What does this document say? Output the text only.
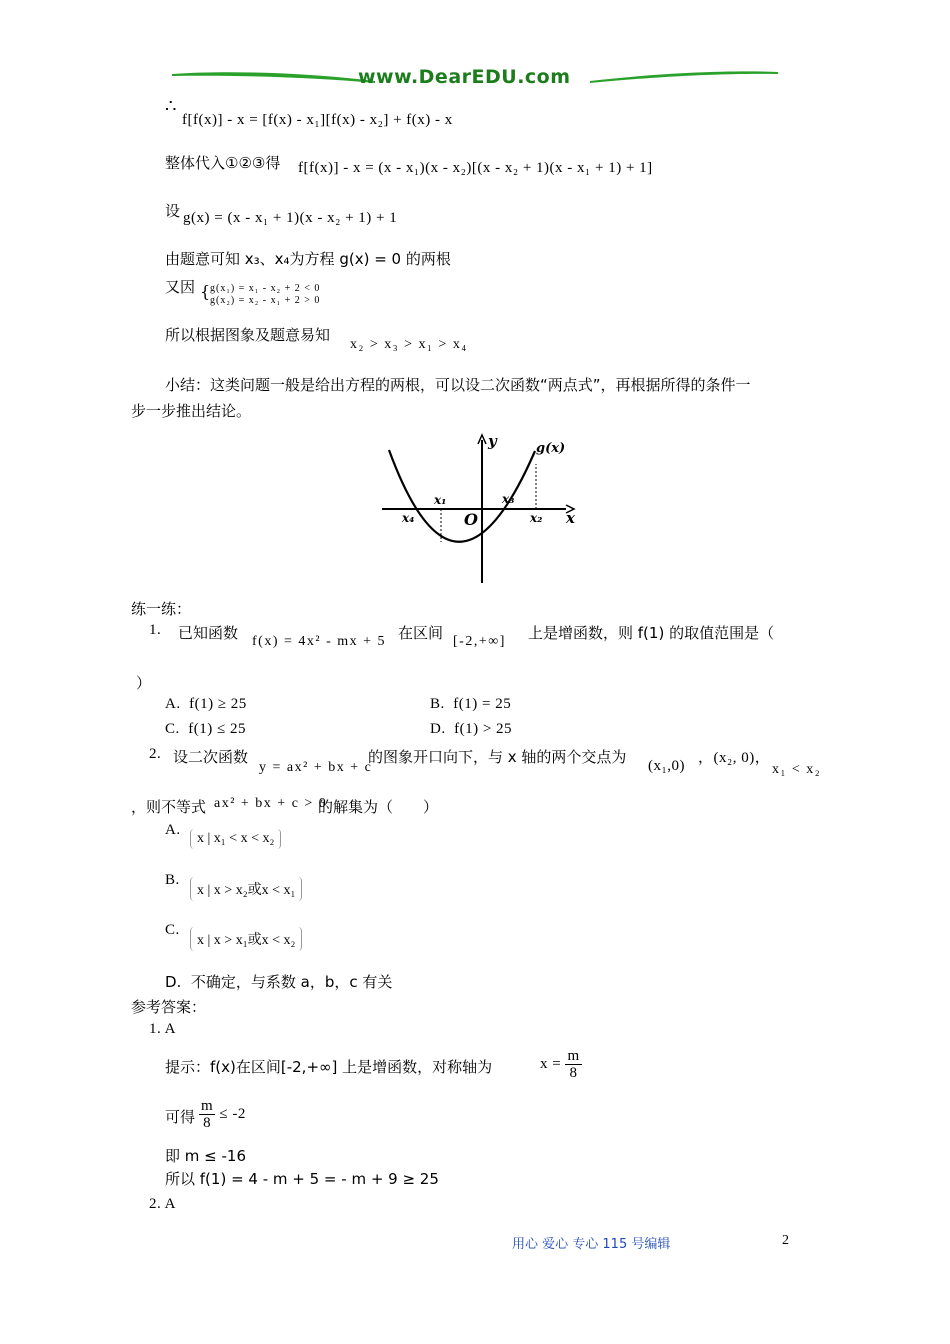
www.DearEDU.com
∴
f[f(x)] - x = [f(x) - x₁][f(x) - x₂] + f(x) - x
整体代入①②③得 f[f(x)] - x = (x - x₁)(x - x₂)[(x - x₂ + 1)(x - x₁ + 1) + 1]
设 g(x) = (x - x₁ + 1)(x - x₂ + 1) + 1
由题意可知 x₃、x₄为方程 g(x) = 0 的两根
又因 { g(x₁) = x₁ - x₂ + 2 < 0
g(x₂) = x₂ - x₁ + 2 > 0
所以根据图象及题意易知
x₂ > x₃ > x₁ > x₄
小结：这类问题一般是给出方程的两根，可以设二次函数“两点式”，再根据所得的条件一
步一步推出结论。
y
x
g(x)
O
x₁
x₂
x₃
x₄
练一练：
1. 已知函数 f(x) = 4x² - mx + 5 在区间 [-2,+∞] 上是增函数，则 f(1) 的取值范围是（
）
A. f(1) ≥ 25	B. f(1) = 25
C. f(1) ≤ 25	D. f(1) > 25
2. 设二次函数
y = ax² + bx + c
的图象开口向下，与 x 轴的两个交点为 (x₁,0) ，(x₂, 0)，
x₁ < x₂
，则不等式 ax² + bx + c > 0
的解集为（　　）
A.
x | x₁ < x < x₂
B.
x | x > x₂或x < x₁
C.
x | x > x₁或x < x₂
D. 不确定，与系数 a，b，c 有关
参考答案：
1. A
提示：f(x)在区间[-2,+∞] 上是增函数，对称轴为	$x = \frac{m}{8}$
可得 $\frac{m}{8} \le -2$
即 m ≤ -16
所以 f(1) = 4 - m + 5 = - m + 9 ≥ 25
2. A
用心 爱心 专心 115 号编辑	2
